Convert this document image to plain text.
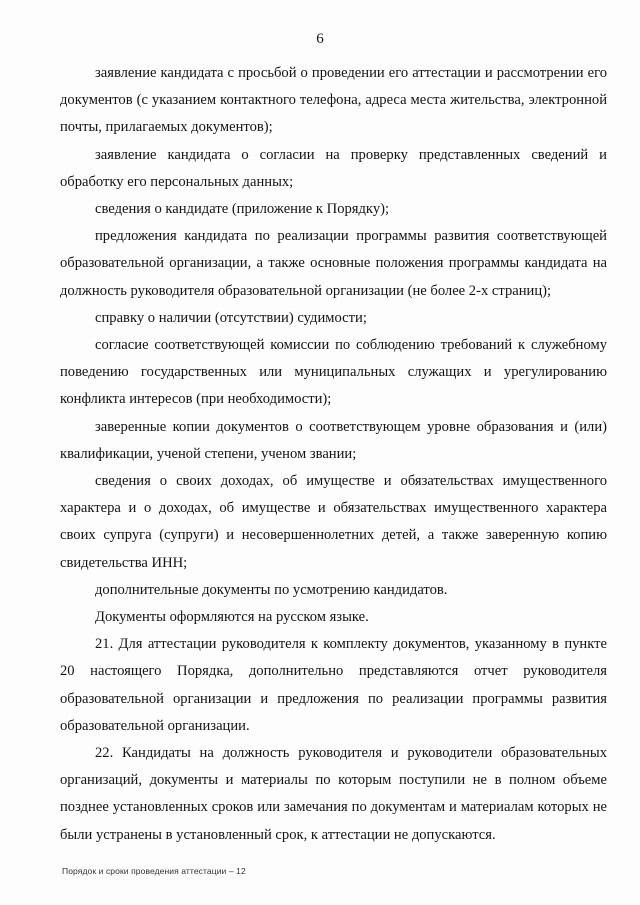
6

заявление кандидата с просьбой о проведении его аттестации и рассмотрении его документов (с указанием контактного телефона, адреса места жительства, электронной почты, прилагаемых документов);

заявление кандидата о согласии на проверку представленных сведений и обработку его персональных данных;

сведения о кандидате (приложение к Порядку);

предложения кандидата по реализации программы развития соответствующей образовательной организации, а также основные положения программы кандидата на должность руководителя образовательной организации (не более 2-х страниц);

справку о наличии (отсутствии) судимости;

согласие соответствующей комиссии по соблюдению требований к служебному поведению государственных или муниципальных служащих и урегулированию конфликта интересов (при необходимости);

заверенные копии документов о соответствующем уровне образования и (или) квалификации, ученой степени, ученом звании;

сведения о своих доходах, об имуществе и обязательствах имущественного характера и о доходах, об имуществе и обязательствах имущественного характера своих супруга (супруги) и несовершеннолетних детей, а также заверенную копию свидетельства ИНН;

дополнительные документы по усмотрению кандидатов.

Документы оформляются на русском языке.

21. Для аттестации руководителя к комплекту документов, указанному в пункте 20 настоящего Порядка, дополнительно представляются отчет руководителя образовательной организации и предложения по реализации программы развития образовательной организации.

22. Кандидаты на должность руководителя и руководители образовательных организаций, документы и материалы по которым поступили не в полном объеме позднее установленных сроков или замечания по документам и материалам которых не были устранены в установленный срок, к аттестации не допускаются.

Порядок и сроки проведения аттестации – 12
